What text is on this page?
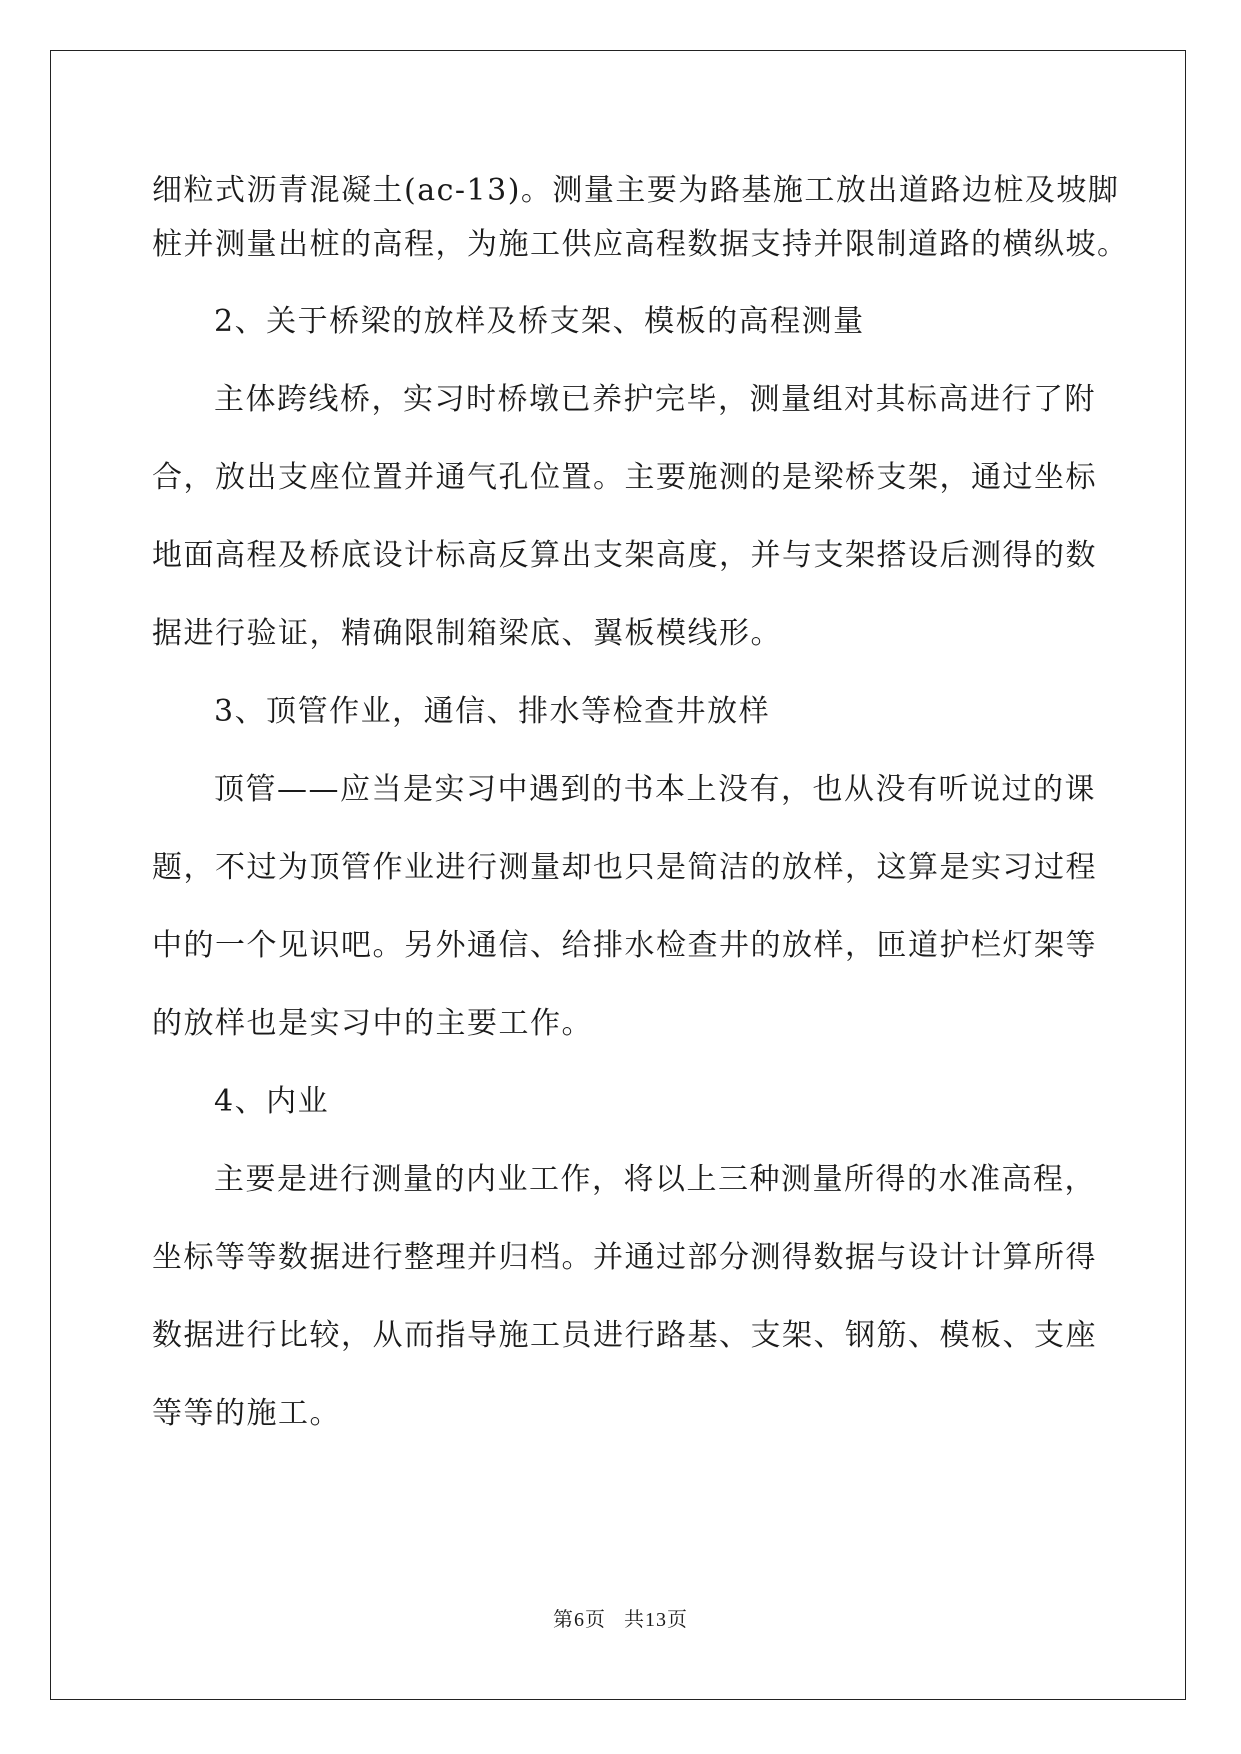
细粒式沥青混凝土(ac-13)。测量主要为路基施工放出道路边桩及坡脚
桩并测量出桩的高程，为施工供应高程数据支持并限制道路的横纵坡。
2、关于桥梁的放样及桥支架、模板的高程测量
主体跨线桥，实习时桥墩已养护完毕，测量组对其标高进行了附
合，放出支座位置并通气孔位置。主要施测的是梁桥支架，通过坐标
地面高程及桥底设计标高反算出支架高度，并与支架搭设后测得的数
据进行验证，精确限制箱梁底、翼板模线形。
3、顶管作业，通信、排水等检查井放样
顶管——应当是实习中遇到的书本上没有，也从没有听说过的课
题，不过为顶管作业进行测量却也只是简洁的放样，这算是实习过程
中的一个见识吧。另外通信、给排水检查井的放样，匝道护栏灯架等
的放样也是实习中的主要工作。
4、内业
主要是进行测量的内业工作，将以上三种测量所得的水准高程，
坐标等等数据进行整理并归档。并通过部分测得数据与设计计算所得
数据进行比较，从而指导施工员进行路基、支架、钢筋、模板、支座
等等的施工。
第6页 共13页
